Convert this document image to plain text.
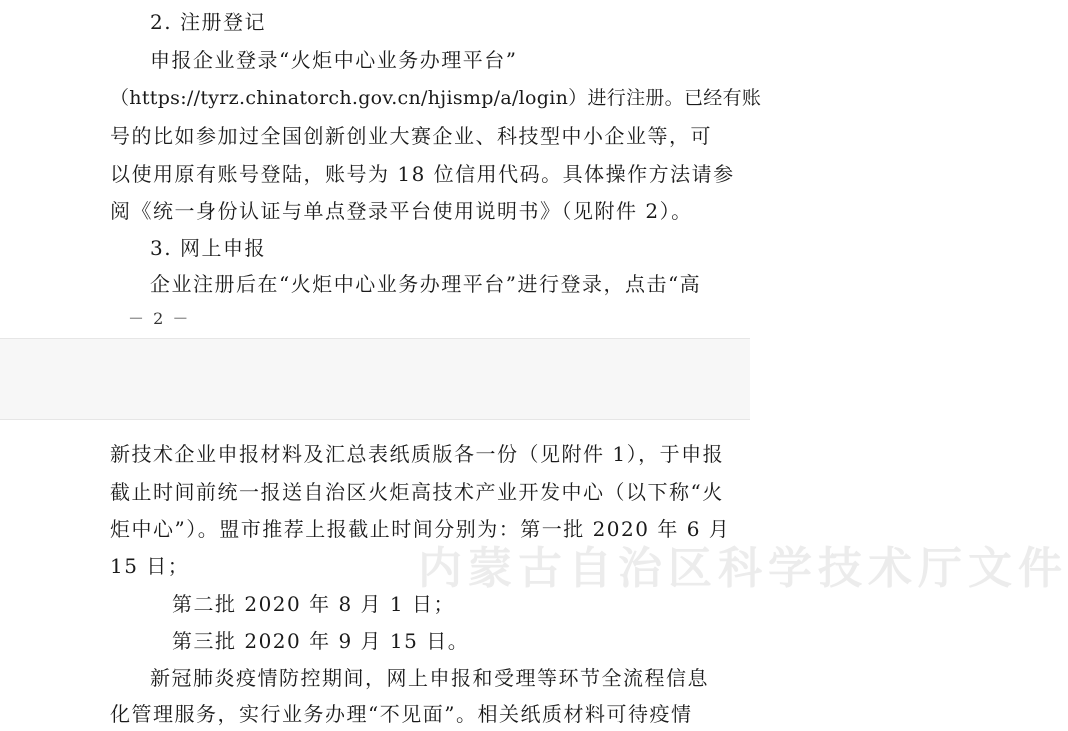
内蒙古自治区科学技术厅文件
2. 注册登记
申报企业登录“火炬中心业务办理平台”
（https://tyrz.chinatorch.gov.cn/hjismp/a/login）进行注册。已经有账
号的比如参加过全国创新创业大赛企业、科技型中小企业等，可
以使用原有账号登陆，账号为 18 位信用代码。具体操作方法请参
阅《统一身份认证与单点登录平台使用说明书》（见附件 2）。
3. 网上申报
企业注册后在“火炬中心业务办理平台”进行登录，点击“高
－ 2 －
新技术企业申报材料及汇总表纸质版各一份（见附件 1），于申报
截止时间前统一报送自治区火炬高技术产业开发中心（以下称“火
炬中心”）。盟市推荐上报截止时间分别为：第一批 2020 年 6 月
15 日；
第二批 2020 年 8 月 1 日；
第三批 2020 年 9 月 15 日。
新冠肺炎疫情防控期间，网上申报和受理等环节全流程信息
化管理服务，实行业务办理“不见面”。相关纸质材料可待疫情
